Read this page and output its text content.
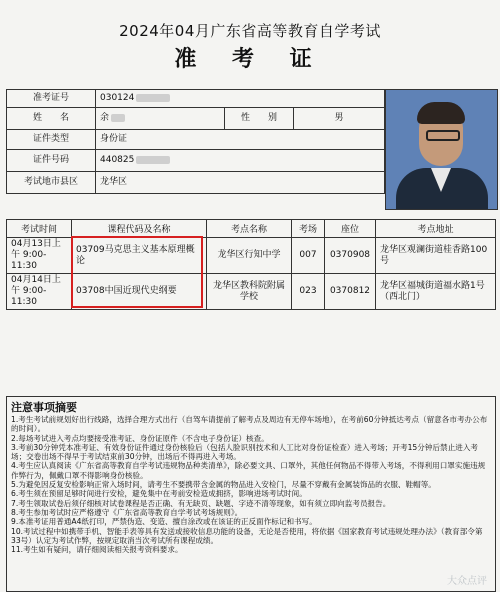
2024年04月广东省高等教育自学考试
准 考 证
准考证号	030124		
姓　　名	余	性　　别	男
证件类型	身份证		
证件号码	440825		
考试地市县区	龙华区		
考试时间	课程代码及名称	考点名称	考场	座位	考点地址
04月13日上午 9:00-11:30	03709马克思主义基本原理概论	龙华区行知中学	007	0370908	龙华区观澜街道桂香路100号
04月14日上午 9:00-11:30	03708中国近现代史纲要	龙华区教科院附属学校	023	0370812	龙华区福城街道福水路1号（西北门）
注意事项摘要

1.考生考试前规划好出行线路，选择合理方式出行（自驾车请提前了解考点及周边有无停车场地），在考前60分钟抵达考点（留意各市考办公布的时间）。

2.每场考试进入考点均要接受准考证、身份证原件（不含电子身份证）核查。

3.考前30分钟凭本准考证、有效身份证件通过身份核验后（包括人脸识别技术和人工比对身份证检查）进入考场；开考15分钟后禁止进入考场；交卷出场不得早于考试结束前30分钟，出场后不得再进入考场。

4.考生应认真阅读《广东省高等教育自学考试违规物品种类清单》，除必要文具、口罩外，其他任何物品不得带入考场，不得利用口罩实施违规作弊行为，佩戴口罩不得影响身份核验。

5.为避免因反复安检影响正常入场时间，请考生不要携带含金属的物品进入安检门，尽量不穿戴有金属装饰品的衣服、鞋帽等。

6.考生须在预留足够时间进行安检，避免集中在考前安检造成拥挤，影响进场考试时间。

7.考生领取试卷后须仔细核对试卷课程是否正确、有无缺页、缺题、字迹不清等现象，如有须立即向监考员报告。

8.考生参加考试时应严格遵守《广东省高等教育自学考试考场规则》。

9.本准考证用普通A4纸打印，严禁伪造、变造、擅自涂改或在该证的正反面作标记和书写。

10.考试过程中如携带手机、智能手表等具有发送或接收信息功能的设备，无论是否使用，将依据《国家教育考试违规处理办法》（教育部令第33号）认定为考试作弊，按规定取消当次考试所有课程成绩。

11.考生如有疑问，请仔细阅读相关报考资料要求。

大众点评
